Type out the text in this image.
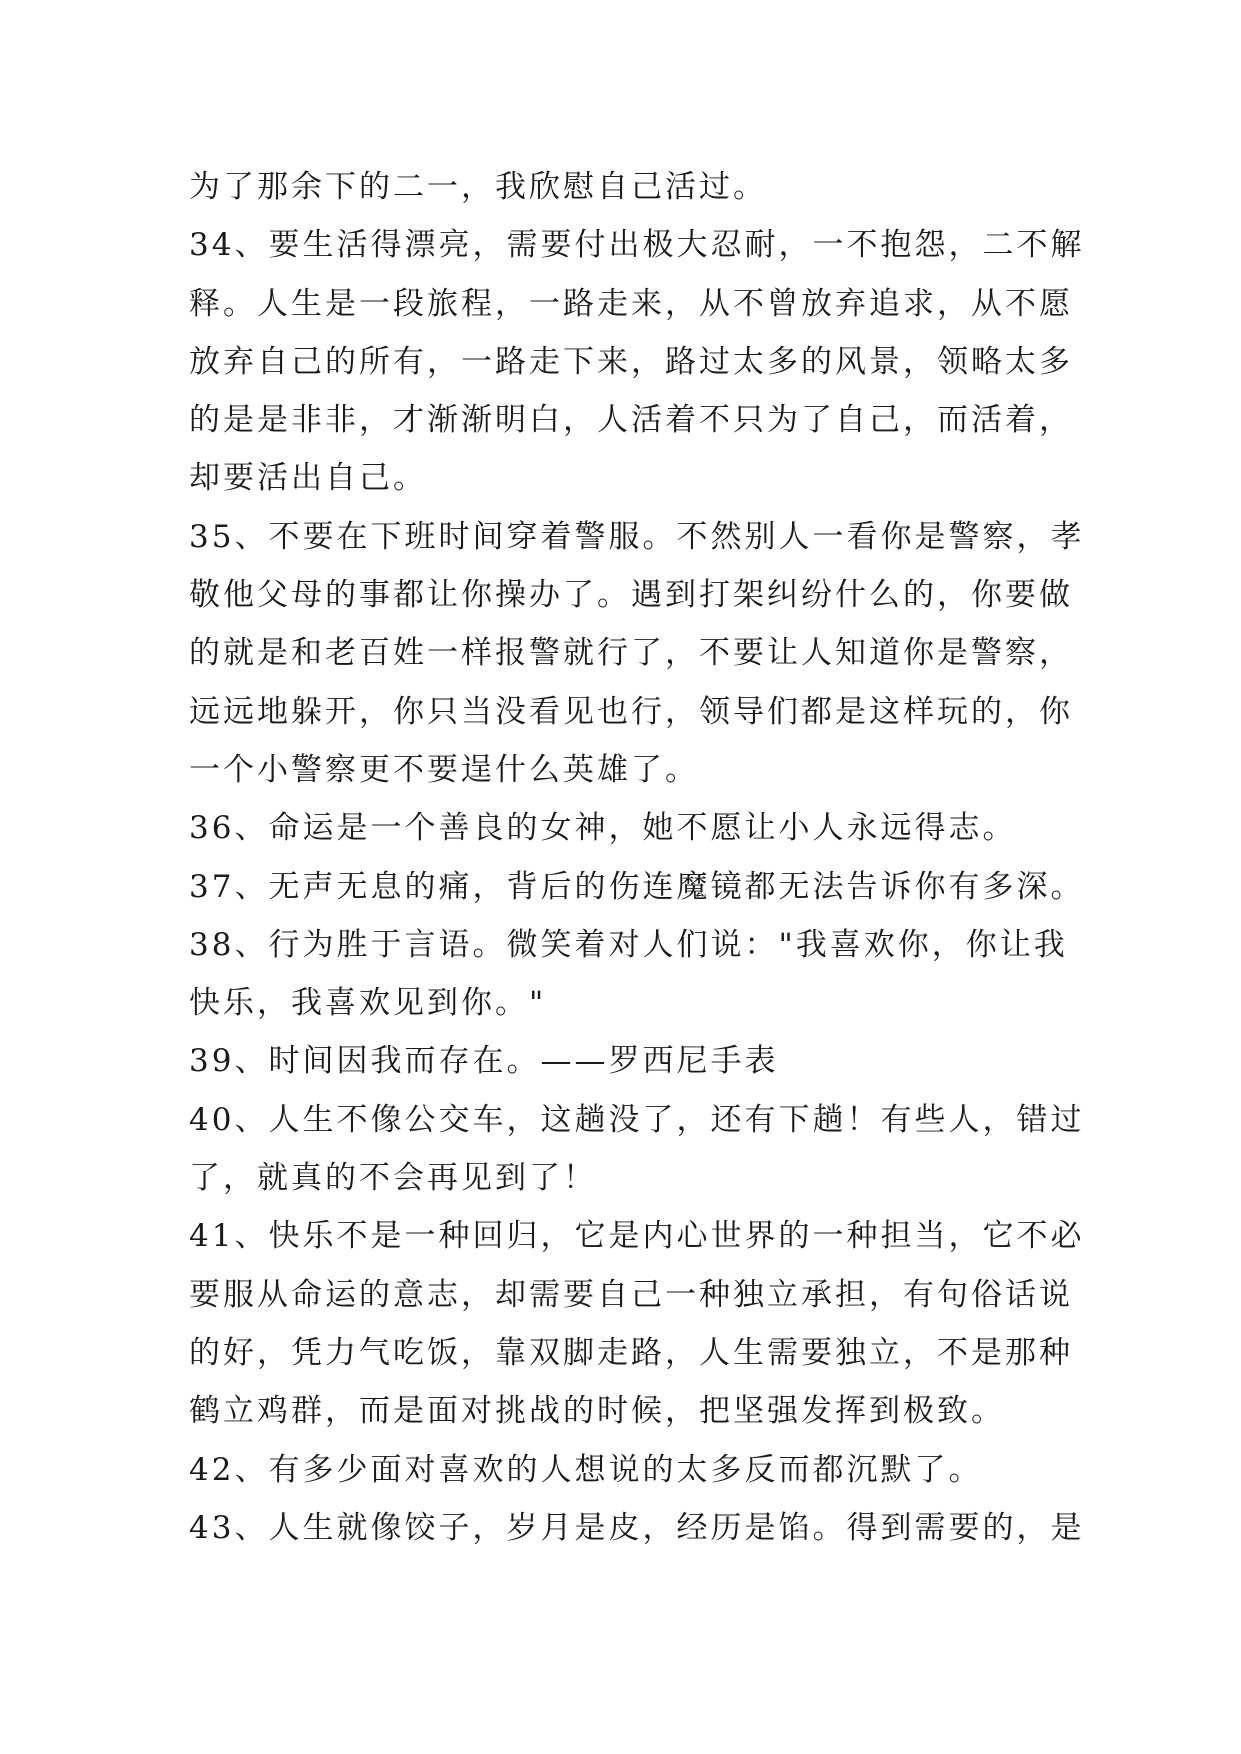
为了那余下的二一，我欣慰自己活过。
34、要生活得漂亮，需要付出极大忍耐，一不抱怨，二不解
释。人生是一段旅程，一路走来，从不曾放弃追求，从不愿
放弃自己的所有，一路走下来，路过太多的风景，领略太多
的是是非非，才渐渐明白，人活着不只为了自己，而活着，
却要活出自己。
35、不要在下班时间穿着警服。不然别人一看你是警察，孝
敬他父母的事都让你操办了。遇到打架纠纷什么的，你要做
的就是和老百姓一样报警就行了，不要让人知道你是警察，
远远地躲开，你只当没看见也行，领导们都是这样玩的，你
一个小警察更不要逞什么英雄了。
36、命运是一个善良的女神，她不愿让小人永远得志。
37、无声无息的痛，背后的伤连魔镜都无法告诉你有多深。
38、行为胜于言语。微笑着对人们说："我喜欢你，你让我
快乐，我喜欢见到你。"
39、时间因我而存在。——罗西尼手表
40、人生不像公交车，这趟没了，还有下趟！有些人，错过
了，就真的不会再见到了！
41、快乐不是一种回归，它是内心世界的一种担当，它不必
要服从命运的意志，却需要自己一种独立承担，有句俗话说
的好，凭力气吃饭，靠双脚走路，人生需要独立，不是那种
鹤立鸡群，而是面对挑战的时候，把坚强发挥到极致。
42、有多少面对喜欢的人想说的太多反而都沉默了。
43、人生就像饺子，岁月是皮，经历是馅。得到需要的，是
